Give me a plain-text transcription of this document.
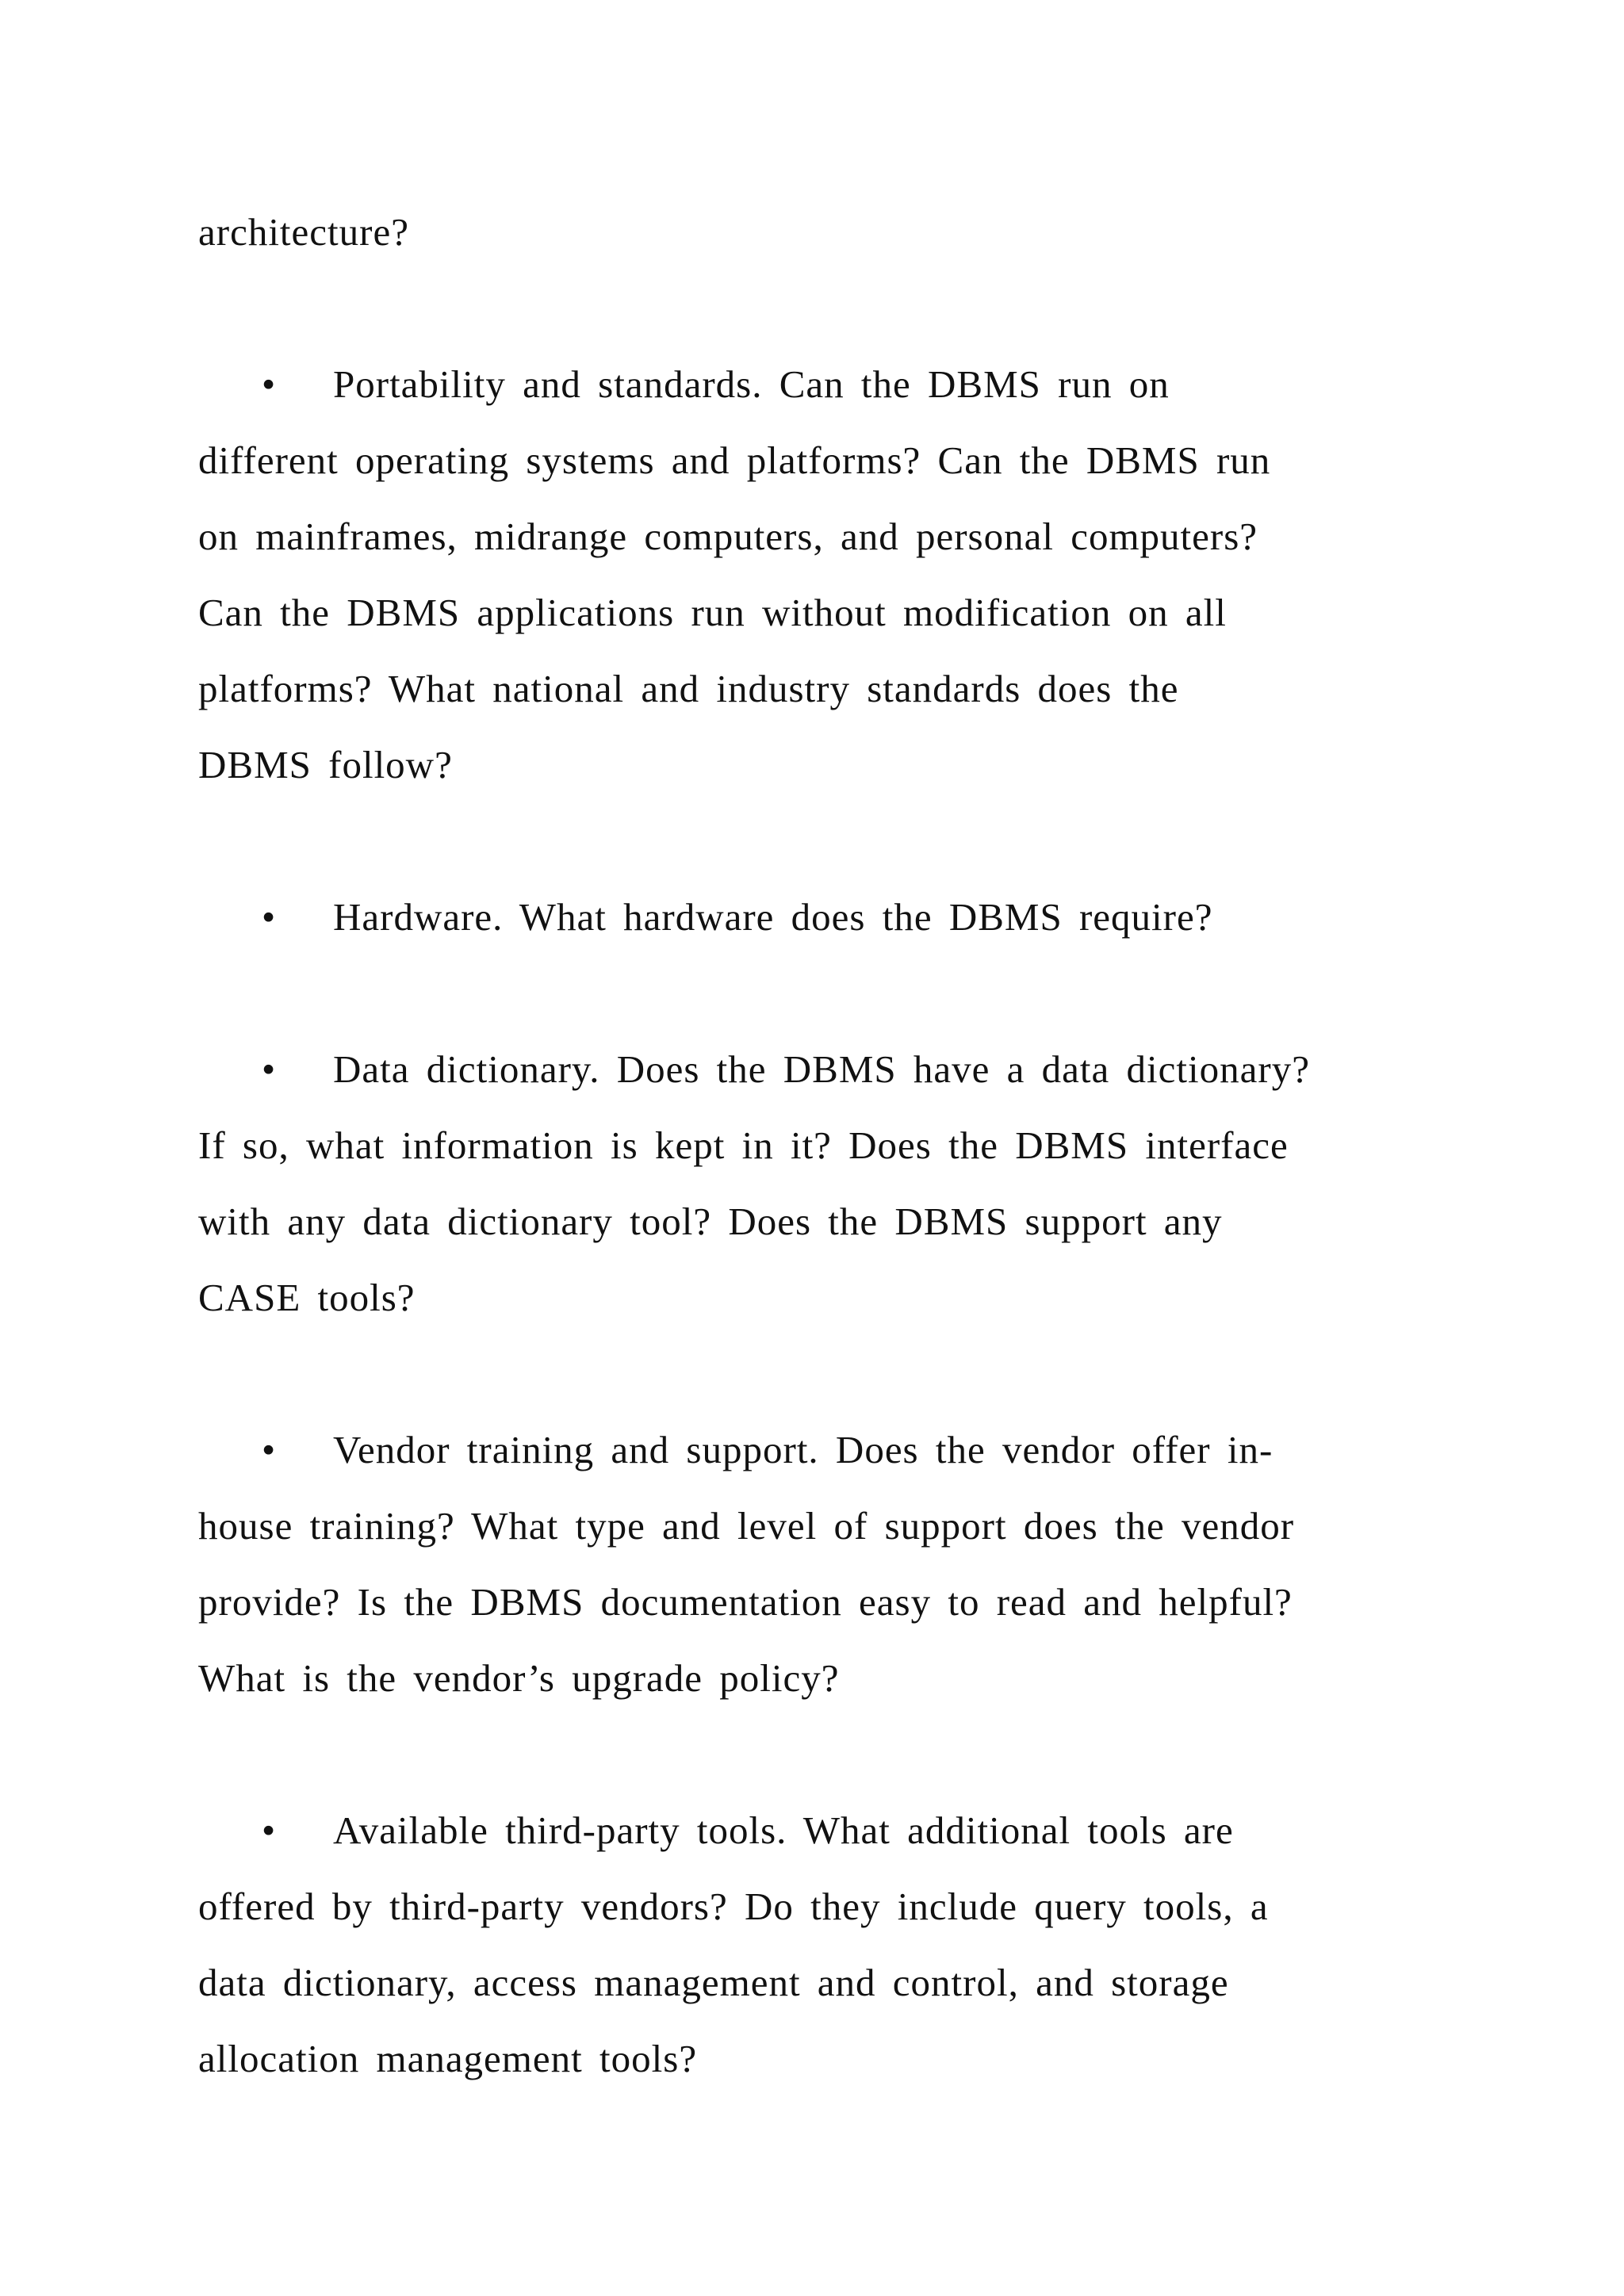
architecture?
•	Portability and standards. Can the DBMS run on
different operating systems and platforms? Can the DBMS run
on mainframes, midrange computers, and personal computers?
Can the DBMS applications run without modification on all
platforms? What national and industry standards does the
DBMS follow?
•	Hardware. What hardware does the DBMS require?
•	Data dictionary. Does the DBMS have a data dictionary?
If so, what information is kept in it? Does the DBMS interface
with any data dictionary tool? Does the DBMS support any
CASE tools?
•	Vendor training and support. Does the vendor offer in-
house training? What type and level of support does the vendor
provide? Is the DBMS documentation easy to read and helpful?
What is the vendor’s upgrade policy?
•	Available third-party tools. What additional tools are
offered by third-party vendors? Do they include query tools, a
data dictionary, access management and control, and storage
allocation management tools?
